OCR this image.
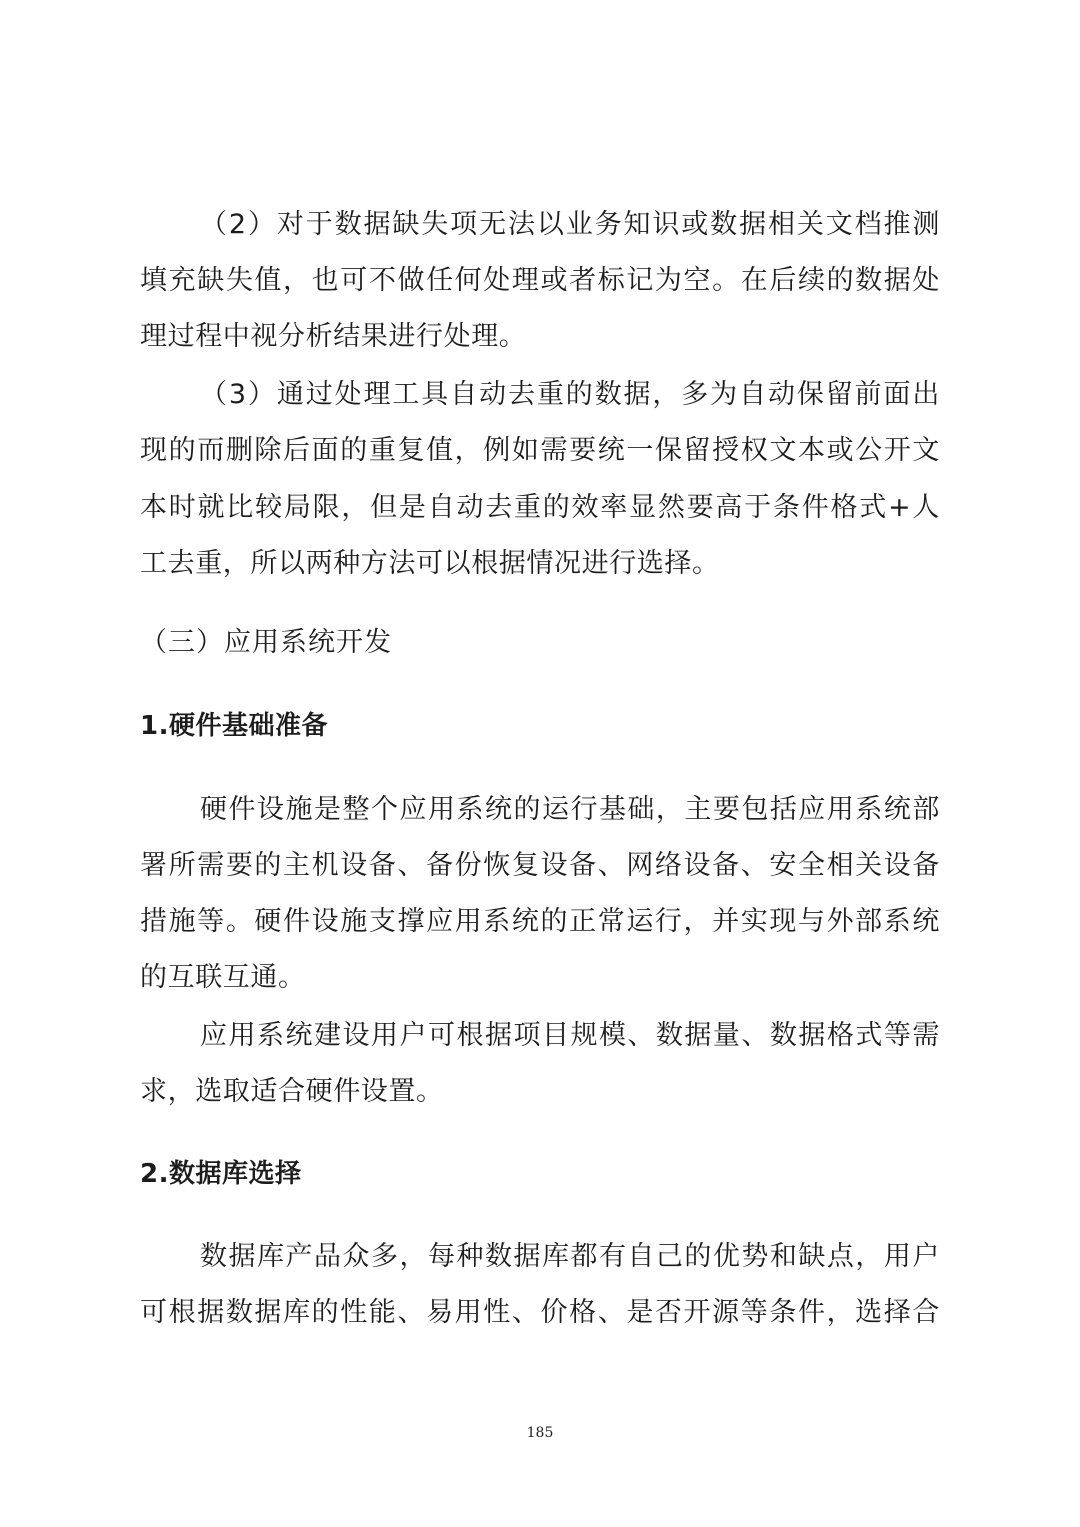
（2）对于数据缺失项无法以业务知识或数据相关文档推测
填充缺失值，也可不做任何处理或者标记为空。在后续的数据处
理过程中视分析结果进行处理。
（3）通过处理工具自动去重的数据，多为自动保留前面出
现的而删除后面的重复值，例如需要统一保留授权文本或公开文
本时就比较局限，但是自动去重的效率显然要高于条件格式+人
工去重，所以两种方法可以根据情况进行选择。
（三）应用系统开发
1.硬件基础准备
硬件设施是整个应用系统的运行基础，主要包括应用系统部
署所需要的主机设备、备份恢复设备、网络设备、安全相关设备
措施等。硬件设施支撑应用系统的正常运行，并实现与外部系统
的互联互通。
应用系统建设用户可根据项目规模、数据量、数据格式等需
求，选取适合硬件设置。
2.数据库选择
数据库产品众多，每种数据库都有自己的优势和缺点，用户
可根据数据库的性能、易用性、价格、是否开源等条件，选择合
185
